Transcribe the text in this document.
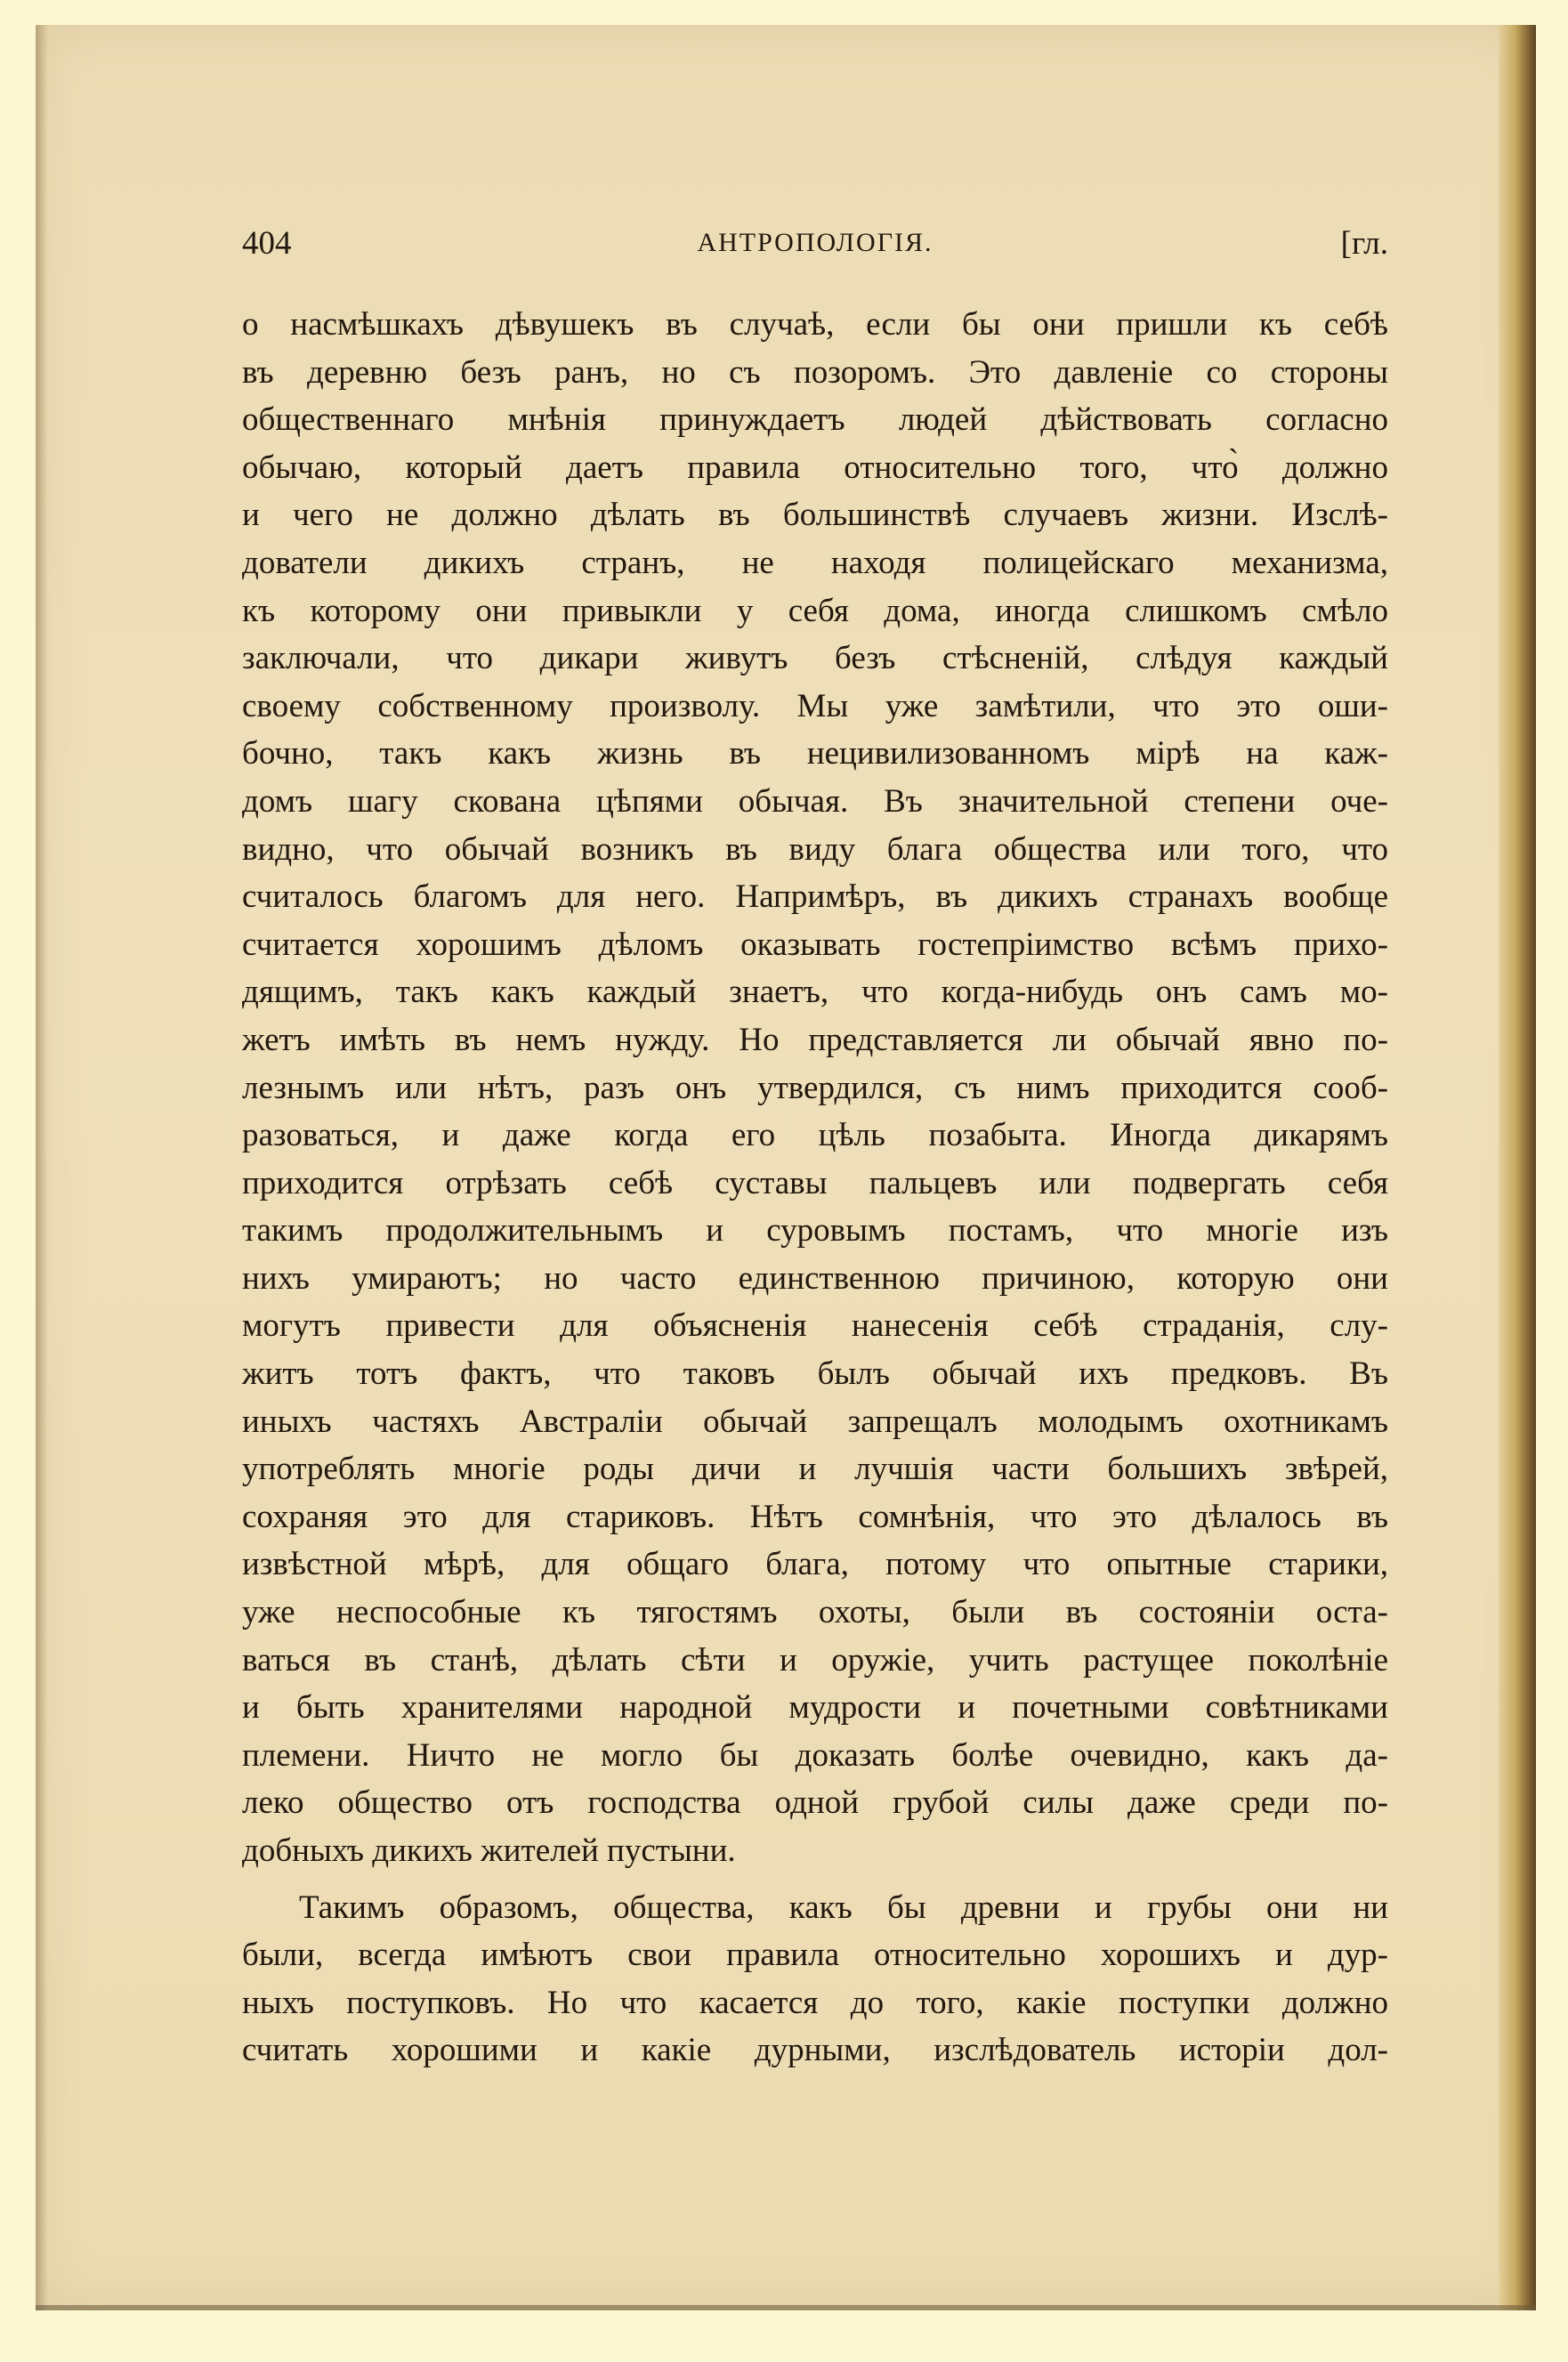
404	АНТРОПОЛОГІЯ.	[гл.
о насмѣшкахъ дѣвушекъ въ случаѣ, если бы они пришли къ себѣ
въ деревню безъ ранъ, но съ позоромъ. Это давленіе со стороны
общественнаго мнѣнія принуждаетъ людей дѣйствовать согласно
обычаю, который даетъ правила относительно того, что̀ должно
и чего не должно дѣлать въ большинствѣ случаевъ жизни. Изслѣ-
дователи дикихъ странъ, не находя полицейскаго механизма,
къ которому они привыкли у себя дома, иногда слишкомъ смѣло
заключали, что дикари живутъ безъ стѣсненій, слѣдуя каждый
своему собственному произволу. Мы уже замѣтили, что это оши-
бочно, такъ какъ жизнь въ нецивилизованномъ мірѣ на каж-
домъ шагу скована цѣпями обычая. Въ значительной степени оче-
видно, что обычай возникъ въ виду блага общества или того, что
считалось благомъ для него. Напримѣръ, въ дикихъ странахъ вообще
считается хорошимъ дѣломъ оказывать гостепріимство всѣмъ прихо-
дящимъ, такъ какъ каждый знаетъ, что когда-нибудь онъ самъ мо-
жетъ имѣть въ немъ нужду. Но представляется ли обычай явно по-
лезнымъ или нѣтъ, разъ онъ утвердился, съ нимъ приходится сооб-
разоваться, и даже когда его цѣль позабыта. Иногда дикарямъ
приходится отрѣзать себѣ суставы пальцевъ или подвергать себя
такимъ продолжительнымъ и суровымъ постамъ, что многіе изъ
нихъ умираютъ; но часто единственною причиною, которую они
могутъ привести для объясненія нанесенія себѣ страданія, слу-
житъ тотъ фактъ, что таковъ былъ обычай ихъ предковъ. Въ
иныхъ частяхъ Австраліи обычай запрещалъ молодымъ охотникамъ
употреблять многіе роды дичи и лучшія части большихъ звѣрей,
сохраняя это для стариковъ. Нѣтъ сомнѣнія, что это дѣлалось въ
извѣстной мѣрѣ, для общаго блага, потому что опытные старики,
уже неспособные къ тягостямъ охоты, были въ состояніи оста-
ваться въ станѣ, дѣлать сѣти и оружіе, учить растущее поколѣніе
и быть хранителями народной мудрости и почетными совѣтниками
племени. Ничто не могло бы доказать болѣе очевидно, какъ да-
леко общество отъ господства одной грубой силы даже среди по-
добныхъ дикихъ жителей пустыни.
Такимъ образомъ, общества, какъ бы древни и грубы они ни
были, всегда имѣютъ свои правила относительно хорошихъ и дур-
ныхъ поступковъ. Но что касается до того, какіе поступки должно
считать хорошими и какіе дурными, изслѣдователь исторіи дол-
